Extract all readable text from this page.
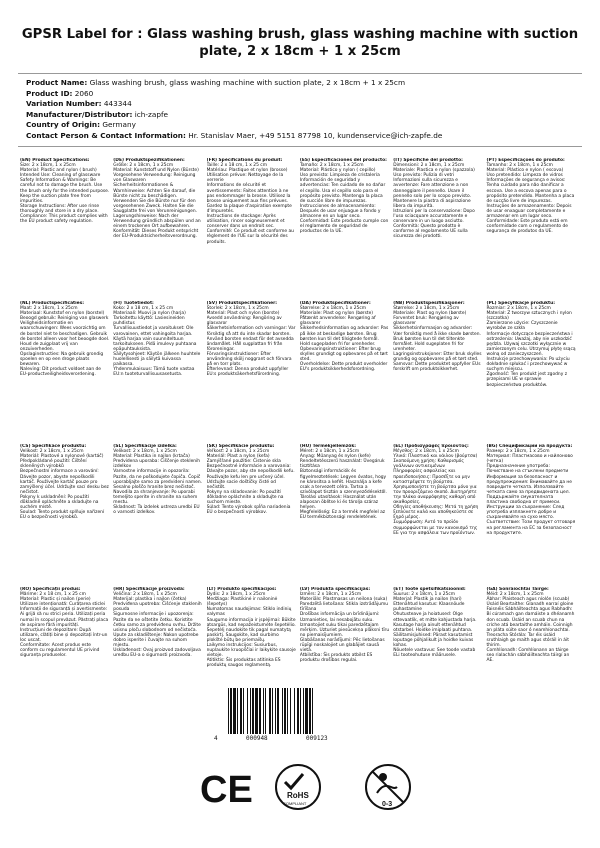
GPSR Label for : Glass washing brush, glass washing machine with suction plate, 2 x 18cm + 1 x 25cm
Product Name: Glass washing brush, glass washing machine with suction plate, 2 x 18cm + 1 x 25cm
Product ID: 2060
Variation Number: 443344
Manufacturer/Distributor: ich-zapfe
Country of Origin: Germany
Contact Person & Contact Information: Hr. Stanislav Maer, +49 5151 87798 10, kundenservice@ich-zapfe.de
(EN) Product Specifications:

Size: 2 x 18cm, 1 x 25cm
Material: Plastic and nylon ( brush)
Intended Use: Cleaning of glassware
Safety Information & Warnings: Be careful not to damage the brush. Use the brush only for the intended purpose. Keep the suction plate free from impurities.
Storage Instructions: After use rinse thoroughly and store in a dry place.
Compliance: This product complies with the EU product safety regulation.

(DE) Produktspezifikationen:

Größe: 2 x 18cm, 1 x 25cm
Material: Kunststoff und Nylon (Bürste)
Vorgesehene Verwendung: Reinigung von Glaswaren
Sicherheitsinformationen & Warnhinweise: Achten Sie darauf, die Bürste nicht zu beschädigen. Verwenden Sie die Bürste nur für den vorgesehenen Zweck. Halten Sie die Saugplatte frei von Verunreinigungen.
Lagerungshinweise: Nach der Verwendung gründlich abspülen und an einem trockenen Ort aufbewahren.
Konformität: Dieses Produkt entspricht der EU-Produktsicherheitsverordnung.

(FR) Spécifications du produit:

Taille: 2 x 18 cm, 1 x 25 cm
Matériau: Plastique et nylon (brosse)
Utilisation prévue: Nettoyage de la verrerie
Informations de sécurité et avertissements: Faites attention à ne pas endommager la brosse. Utilisez la brosse uniquement aux fins prévues. Gardez la plaque d'aspiration exempte d'impuretés.
Instructions de stockage: Après utilisation, rincer soigneusement et conserver dans un endroit sec.
Conformité: Ce produit est conforme au règlement de l'UE sur la sécurité des produits.

(ES) Especificaciones del producto:

Tamaño: 2 x 18cm, 1 x 25cm
Material: Plástico y nylon ( cepillo)
Uso previsto: Limpieza de cristalería
Información de seguridad y advertencias: Ten cuidado de no dañar el cepillo. Usa el cepillo solo para el propósito previsto. Mantenga la placa de succión libre de impurezas.
Instrucciones de almacenamiento: Después de usar enjuague a fondo y almacene en un lugar seco.
Conformidad: Este producto cumple con el reglamento de seguridad de productos de la UE.

(IT) Specifiche del prodotto:

Dimensioni: 2 x 18cm, 1 x 25cm
Materiale: Plastica e nylon (spazzola)
Uso previsto: Pulizia di vetri
Informazioni sulla sicurezza e avvertenze: Fare attenzione a non danneggiare il pennello. Usare il pennello solo per lo scopo previsto. Mantenere la piastra di aspirazione libera da impurità.
Istruzioni per la conservazione: Dopo l'uso sciacquare accuratamente e conservare in un luogo asciutto.
Conformità: Questo prodotto è conforme al regolamento UE sulla sicurezza dei prodotti.

(PT) Especificações do produto:

Tamanho: 2 x 18cm, 1 x 25cm
Material: Plástico e nylon ( escova)
Uso pretendido: Limpeza de vidros
Informações de segurança e avisos: Tenha cuidado para não danificar a escova. Use a escova apenas para o propósito pretendido. Mantenha a placa de sucção livre de impurezas.
Instruções de armazenamento: Depois de usar enxaguar completamente e armazenar em um lugar seco.
Conformidade: Este produto está em conformidade com o regulamento de segurança de produtos da UE.

(NL) Productspecificaties:

Maat: 2 x 18cm, 1 x 25cm
Materiaal: Kunststof en nylon (borstel)
Beoogd gebruik: Reiniging van glaswerk
Veiligheidsinformatie en waarschuwingen: Wees voorzichtig om de borstel niet te beschadigen. Gebruik de borstel alleen voor het beoogde doel. Houd de zuigplaat vrij van onzuiverheden.
Opslaginstructies: Na gebruik grondig spoelen en op een droge plaats bewaren.
Naleving: Dit product voldoet aan de EU-productveiligheidsverordening.

(FI) Tuotetiedot:

Koko: 2 x 18 cm, 1 x 25 cm
Materiaali: Muovi ja nylon (harja)
Tarkoitettu käyttö: Lasiesineiden puhdistus
Turvallisuustiedot ja varoitukset: Ole varovainen, ettet vahingoita harjaa. Käytä harjaa vain suunniteltuun tarkoitukseen. Pidä imulevy puhtaana epäpuhtauksista.
Säilytysohjeet: Käytön jälkeen huuhtele huolellisesti ja säilytä kuivassa paikassa.
Yhdenmukaisuus: Tämä tuote vastaa EU:n tuoteturvallisuusasetusta.

(SV) Produktspecifikationer:

Storlek: 2 x 18cm, 1 x 25cm
Material: Plast och nylon (borste)
Avsedd användning: Rengöring av glasvaror
Säkerhetsinformation och varningar: Var försiktig så att du inte skadar borsten. Använd borsten endast för det avsedda ändamålet. Håll sugplattan fri från föroreningar.
Förvaringsinstruktioner: Efter användning skölj noggrant och förvara på en torr plats.
Efterlevnad: Denna produkt uppfyller EU:s produktsäkerhetsförordning.

(DA) Produktspecifikationer:

Størrelse: 2 x 18cm, 1 x 25cm
Materiale: Plast og nylon (børste)
Påtænkt anvendelse: Rengøring af glasvarer
Sikkerhedsinformation og advarsler: Pas på ikke at beskadige børsten. Brug børsten kun til det tilsigtede formål. Hold sugepladen fri for urenheder.
Opbevaringsinstruktioner: Efter brug skylles grundigt og opbevares på et tørt sted.
Overholdelse: Dette produkt overholder EU's produktsikkerhedsforordning.

(NB) Produktspesifikasjoner:

Størrelse: 2 x 18cm, 1 x 25cm
Materiale: Plast og nylon (børste)
Forventet bruk: Rengjøring av glassvarer
Sikkerhetsinformasjon og advarsler: Vær forsiktig med å ikke skade børsten. Bruk børsten kun til det tiltenkte formålet. Hold sugeplaten fri for urenheter.
Lagringsinstruksjoner: Etter bruk skylles grundig og oppbevares på et tørt sted.
Samsvar: Dette produktet oppfyller EUs forskrift om produktsikkerhet.

(PL) Specyfikacje produktu:

Rozmiar: 2 x 18cm, 1 x 25cm
Materiał: Z tworzyw sztucznych i nylon (szczotka)
Zamierzone użycie: Czyszczenie wyrobów ze szkła
Informacje dotyczące bezpieczeństwa i ostrzeżenia: Uważaj, aby nie uszkodzić pędzla. Używaj szczotki wyłącznie w zamierzonym celu. Utrzymuj płytę ssącą wolną od zanieczyszczeń.
Instrukcje przechowywania: Po użyciu dokładnie spłukać i przechowywać w suchym miejscu.
Zgodność: Ten produkt jest zgodny z przepisami UE w sprawie bezpieczeństwa produktów.

(CS) Specifikace produktu:

Velikost: 2 x 18cm, 1 x 25cm
Materiál: Plastové a nylonové (kartáč)
Předpokládané použití: Čištění skleněných výrobků
Bezpečnostní informace a varování: Dávejte pozor, abyste nepoškodili kartáč. Používejte kartáč pouze pro zamýšlený účel. Udržujte sací desku bez nečistot.
Pokyny k uskladnění: Po použití důkladně opláchněte a skladujte na suchém místě.
Soulad: Tento produkt splňuje nařízení EU o bezpečnosti výrobků.

(SL) Specifikacije izdelka:

Velikost: 2 x 18cm, 1 x 25cm
Material: Plastika in najlon (krtača)
Predvidena uporaba: Čiščenje steklenih izdelkov
Varnostne informacije in opozorila: Pazite, da ne poškodujete čopiča. Čopič uporabljajte samo za predvideni namen. Sesalno ploščo hranite brez nečistoč.
Navodila za shranjevanje: Po uporabi temeljito sperite in shranite na suhem mestu.
Skladnost: Ta izdelek ustreza uredbi EU o varnosti izdelkov.

(SK) Špecifikácie produktu:

Veľkosť: 2 x 18cm, 1 x 25cm
Materiál: Plast a nylon (kefa)
Zamýšľané použitie: Čistenie skla
Bezpečnostné informácie a varovania: Dávajte pozor, aby ste nepoškodili kefu. Používajte kefu len pre určený účel. Udržujte sacie doštičky čisté od nečistôt.
Pokyny na skladovanie: Po použití dôkladne opláchnite a skladujte na suchom mieste.
Súlad: Tento výrobok spĺňa nariadenia EÚ o bezpečnosti výrobkov.

(HU) Termékjellemzők:

Méret: 2 x 18cm, 1 x 25cm
Anyag: Műanyag és nylon (kefe)
Rendeltetésszerű használat: Üvegáruk tisztítása
Biztonsági információk és figyelmeztetések: Legyen óvatos, hogy ne károsítsa a kefét. Használja a kefe csak a tervezett célra. Tartsa a szívólapot tisztán a szennyeződésektől.
Tárolási utasítások: Használat után alaposan öblítse ki és tárolja száraz helyen.
Megfelelőség: Ez a termék megfelel az EU termékbiztonsági rendeletének.

(EL) Προδιαγραφές προϊόντος:

Μέγεθος: 2 x 18cm, 1 x 25cm
Υλικό: Πλαστικό και νάιλον (βούρτσα)
Σκοπούμενη χρήση: Καθαρισμός γυάλινων αντικειμένων
Πληροφορίες ασφαλείας και προειδοποιήσεις: Προσέξτε να μην καταστρέψετε τη βούρτσα. Χρησιμοποιήστε τη βούρτσα μόνο για τον προοριζόμενο σκοπό. Διατηρήστε την πλάκα αναρρόφησης καθαρή από ακαθαρσίες.
Οδηγίες αποθήκευσης: Μετά τη χρήση ξεπλύνετε καλά και αποθηκεύστε σε ξηρό μέρος.
Συμμόρφωση: Αυτό το προϊόν συμμορφώνεται με τον κανονισμό της ΕΕ για την ασφάλεια των προϊόντων.

(BG) Спецификации на продукта:

Размер: 2 x 18cm, 1 x 25cm
Материал: Пластмасово и найлоново (четка)
Предназначение употреба: Почистване на стъклени предмети
Информация за безопасност и предупреждения: Внимавайте да не повредите четката. Използвайте четката само за предвидената цел. Поддържайте смукателната пластина свободна от примеси.
Инструкции за съхранение: След употреба изплакнете добре и съхранявайте на сухо място.
Съответствие: Този продукт отговаря на регламента на ЕС за безопасност на продуктите.

(RO) Specificații produs:

Mărime: 2 x 18 cm, 1 x 25 cm
Material: Plastic și nailon (perie)
Utilizare intenționată: Curățarea sticlei
Informații de siguranță și avertismente: Ai grijă să nu strici peria. Utilizați peria numai în scopul prevăzut. Păstrați placa de aspirare fără impurități.
Instrucțiuni de depozitare: După utilizare, clătiți bine și depozitați într-un loc uscat.
Conformitate: Acest produs este conform cu regulamentul UE privind siguranța produselor.

(HR) Specifikacije proizvoda:

Veličina: 2 x 18cm, 1 x 25cm
Materijal: plastika i najlon (četka)
Predviđena upotreba: Čišćenje staklenih posuda
Sigurnosne informacije i upozorenja: Pazite da ne oštetite četku. Koristite četku samo za predviđenu svrhu. Držite usisnu ploču slobodnom od nečistoća.
Upute za skladištenje: Nakon upotrebe dobro isperite i čuvajte na suhom mjestu.
Usklađenost: Ovaj proizvod zadovoljava uredbu EU-a o sigurnosti proizvoda.

(LT) Produkto specifikacijos:

Dydis: 2 x 18cm, 1 x 25cm
Medžiaga: Plastikinė ir nailoninė (šepetys)
Numatomas naudojimas: Stiklo indinių valymas
Saugumo informacija ir įspėjimai: Būkite atsargūs, kad nepažeistumėte šepetėlio. Šepetėlį naudokite tik pagal numatytą paskirtį. Saugokite, kad siurbimo plokštė būtų be priemaišų.
Laikymo instrukcijos: Susiurbus, nuplaukite kruopščiai ir laikykite sausoje vietoje.
Atitiktis: Šis produktas atitinka ES produktų saugos reglamentą.

(LV) Produkta specifikācijas:

Izmērs: 2 x 18cm, 1 x 25cm
Materiāls: Plastmasas un neilona (suka)
Paredzētā lietošana: Stikla izstrādājumu tīrīšana
Drošības informācija un brīdinājumi: Uzmanieties, lai nesabojātu suku. Izmantojiet suku tikai paredzētajam mērķim. Uzturiet piesūcekņa plāksni tīru no piemaisījumiem.
Glabāšanas norādījumi: Pēc lietošanas rūpīgi noskalojiet un glabājiet sausā vietā.
Atbilstība: Šis produkts atbilst ES produktu drošības regulai.

(ET) Toote spetsifikatsioonid:

Suurus: 2 x 18cm, 1 x 25cm
Materjal: Plastik ja nailon (hari)
Ettenähtud kasutus: Klaasnõude puhastamine
Ohutusteave ja hoiatused: Olge ettevaatlik, et mitte kahjustada harja. Kasutage harja ainult ettenähtud otstarbel. Hoidke imiplaati puhtana.
Säilitamisjuhised: Pärast kasutamist loputage põhjalikult ja hoidke kuivas kohas.
Nõuetele vastavus: See toode vastab ELi tooteohutuse määrusele.

(GA) Sonraíochtaí Táirge:

Méid: 2 x 18cm, 1 x 25cm
Ábhar: Plaisteach agus níolón (scuab)
Úsáid Beartaithe: Glanadh earraí gloine
Faisnéis Sábháilteachta agus Rabhadh: Bí cúramach gan damáiste a dhéanamh don scuab. Úsáid an scuab chun na críche atá beartaithe amháin. Coinnigh an pláta súite saor ó neamhíonachtaí.
Treoracha Stórála: Tar éis úsáid sruthlaigh go maith agus stóráil in áit thirim.
Comhlíonadh: Comhlíonann an táirge seo rialachán sábháilteachta táirgí an AE.

4	000948	009123
CE	RoHS
COMPLIANT	0-3
